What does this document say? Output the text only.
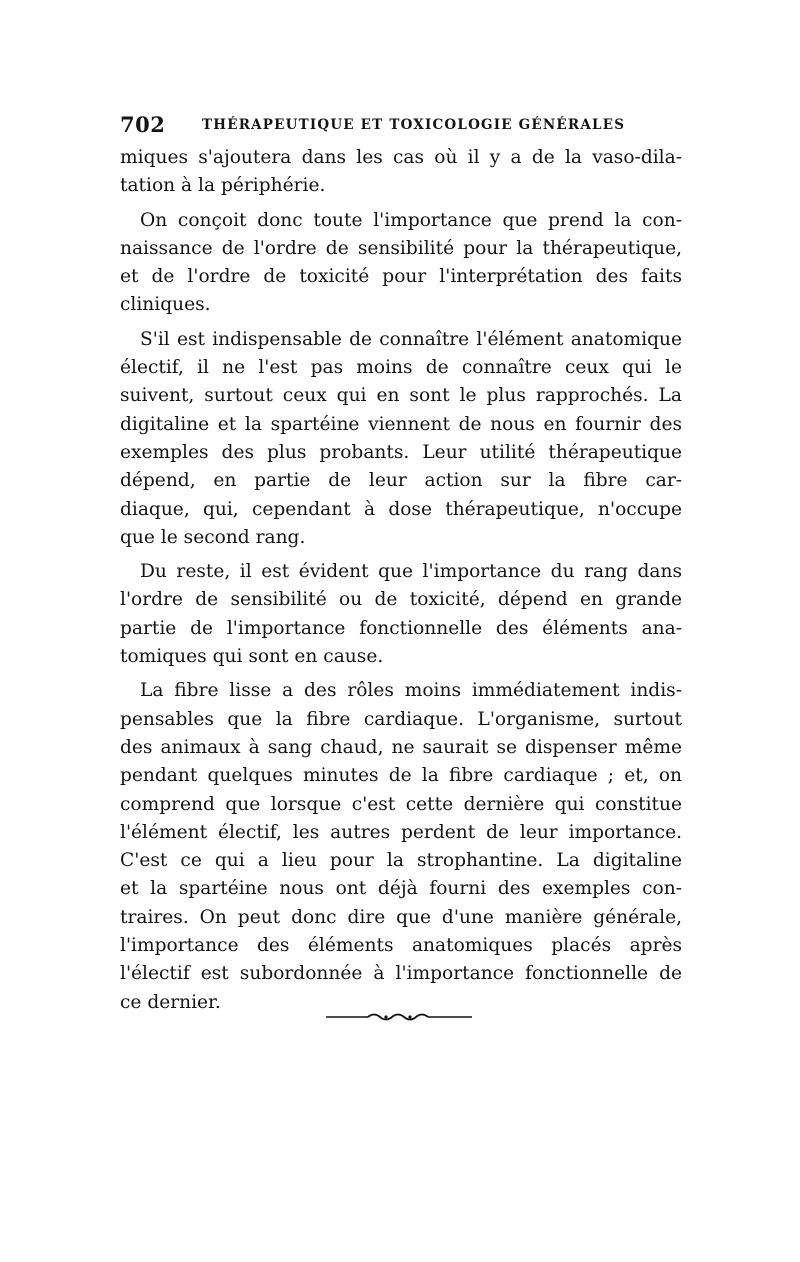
702	THÉRAPEUTIQUE ET TOXICOLOGIE GÉNÉRALES
miques s'ajoutera dans les cas où il y a de la vaso-dila-
tation à la périphérie.
On conçoit donc toute l'importance que prend la con-
naissance de l'ordre de sensibilité pour la thérapeutique,
et de l'ordre de toxicité pour l'interprétation des faits
cliniques.
S'il est indispensable de connaître l'élément anatomique
électif, il ne l'est pas moins de connaître ceux qui le
suivent, surtout ceux qui en sont le plus rapprochés. La
digitaline et la spartéine viennent de nous en fournir des
exemples des plus probants. Leur utilité thérapeutique
dépend, en partie de leur action sur la fibre car-
diaque, qui, cependant à dose thérapeutique, n'occupe
que le second rang.
Du reste, il est évident que l'importance du rang dans
l'ordre de sensibilité ou de toxicité, dépend en grande
partie de l'importance fonctionnelle des éléments ana-
tomiques qui sont en cause.
La fibre lisse a des rôles moins immédiatement indis-
pensables que la fibre cardiaque. L'organisme, surtout
des animaux à sang chaud, ne saurait se dispenser même
pendant quelques minutes de la fibre cardiaque ; et, on
comprend que lorsque c'est cette dernière qui constitue
l'élément électif, les autres perdent de leur importance.
C'est ce qui a lieu pour la strophantine. La digitaline
et la spartéine nous ont déjà fourni des exemples con-
traires. On peut donc dire que d'une manière générale,
l'importance des éléments anatomiques placés après
l'électif est subordonnée à l'importance fonctionnelle de
ce dernier.
